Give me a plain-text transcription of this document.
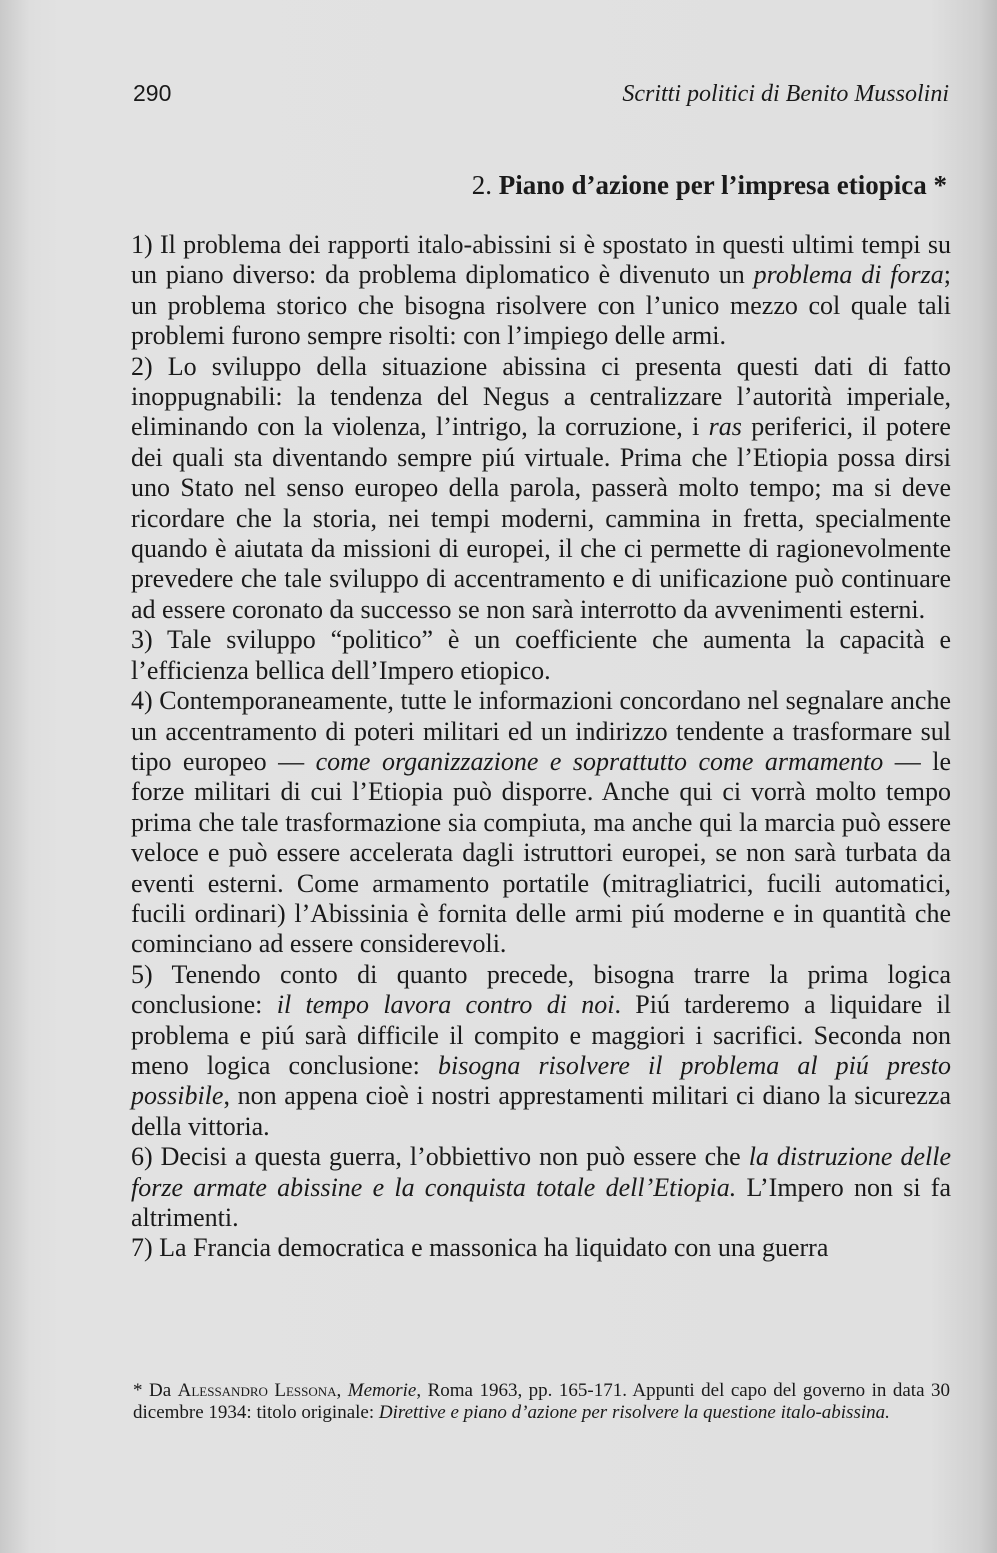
290	Scritti politici di Benito Mussolini
2. Piano d’azione per l’impresa etiopica *

1) Il problema dei rapporti italo-abissini si è spostato in questi ultimi tempi su un piano diverso: da problema diplomatico è divenuto un problema di forza; un problema storico che bisogna risolvere con l’unico mezzo col quale tali problemi furono sempre risolti: con l’impiego delle armi.

2) Lo sviluppo della situazione abissina ci presenta questi dati di fatto inoppugnabili: la tendenza del Negus a centralizzare l’autorità imperiale, eliminando con la violenza, l’intrigo, la corruzione, i ras periferici, il potere dei quali sta diventando sempre piú virtuale. Prima che l’Etiopia possa dirsi uno Stato nel senso europeo della parola, passerà molto tempo; ma si deve ricordare che la storia, nei tempi moderni, cammina in fretta, specialmente quando è aiutata da missioni di europei, il che ci permette di ragionevolmente prevedere che tale sviluppo di accentramento e di unificazione può continuare ad essere coronato da successo se non sarà interrotto da avvenimenti esterni.

3) Tale sviluppo “politico” è un coefficiente che aumenta la capacità e l’efficienza bellica dell’Impero etiopico.

4) Contemporaneamente, tutte le informazioni concordano nel segnalare anche un accentramento di poteri militari ed un indirizzo tendente a trasformare sul tipo europeo — come organizzazione e soprattutto come armamento — le forze militari di cui l’Etiopia può disporre. Anche qui ci vorrà molto tempo prima che tale trasformazione sia compiuta, ma anche qui la marcia può essere veloce e può essere accelerata dagli istruttori europei, se non sarà turbata da eventi esterni. Come armamento portatile (mitragliatrici, fucili automatici, fucili ordinari) l’Abissinia è fornita delle armi piú moderne e in quantità che cominciano ad essere considerevoli.

5) Tenendo conto di quanto precede, bisogna trarre la prima logica conclusione: il tempo lavora contro di noi. Piú tarderemo a liquidare il problema e piú sarà difficile il compito e maggiori i sacrifici. Seconda non meno logica conclusione: bisogna risolvere il problema al piú presto possibile, non appena cioè i nostri apprestamenti militari ci diano la sicurezza della vittoria.

6) Decisi a questa guerra, l’obbiettivo non può essere che la distruzione delle forze armate abissine e la conquista totale dell’Etiopia. L’Impero non si fa altrimenti.

7) La Francia democratica e massonica ha liquidato con una guerra

* Da Alessandro Lessona, Memorie, Roma 1963, pp. 165-171. Appunti del capo del governo in data 30 dicembre 1934: titolo originale: Direttive e piano d’azione per risolvere la questione italo-abissina.
